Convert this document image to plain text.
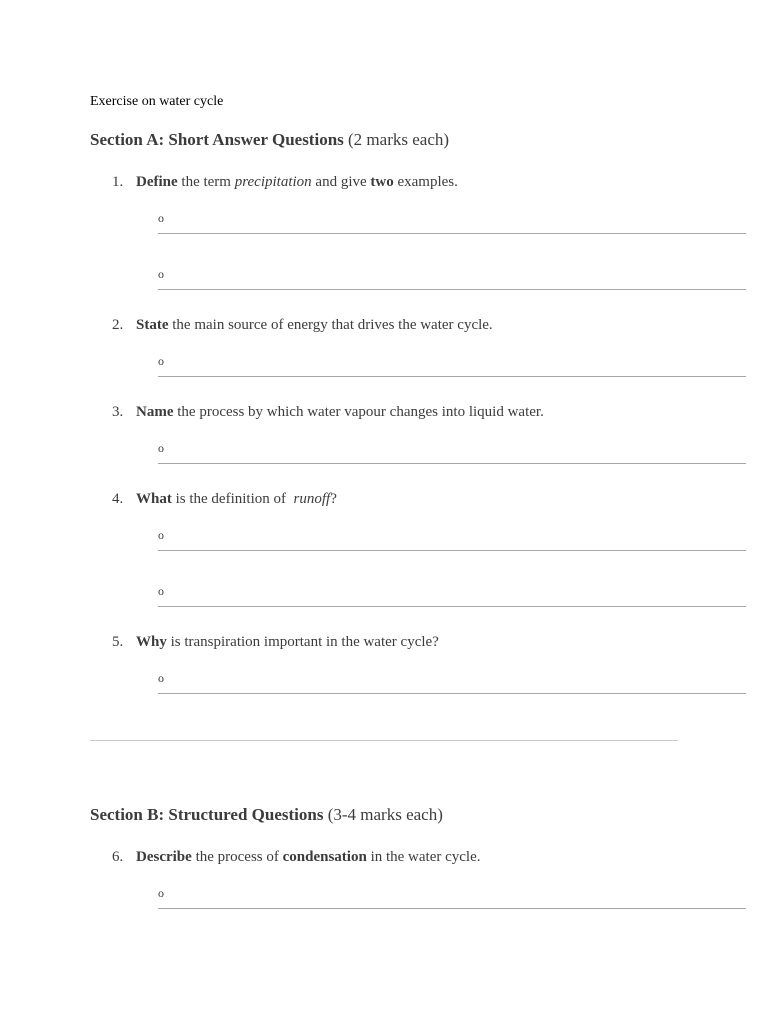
Exercise on water cycle

Section A: Short Answer Questions (2 marks each)
1. Define the term precipitation and give two examples.
o
o
2. State the main source of energy that drives the water cycle.
o
3. Name the process by which water vapour changes into liquid water.
o
4. What is the definition of  runoff?
o
o
5. Why is transpiration important in the water cycle?
o
Section B: Structured Questions (3-4 marks each)
6. Describe the process of condensation in the water cycle.
o
